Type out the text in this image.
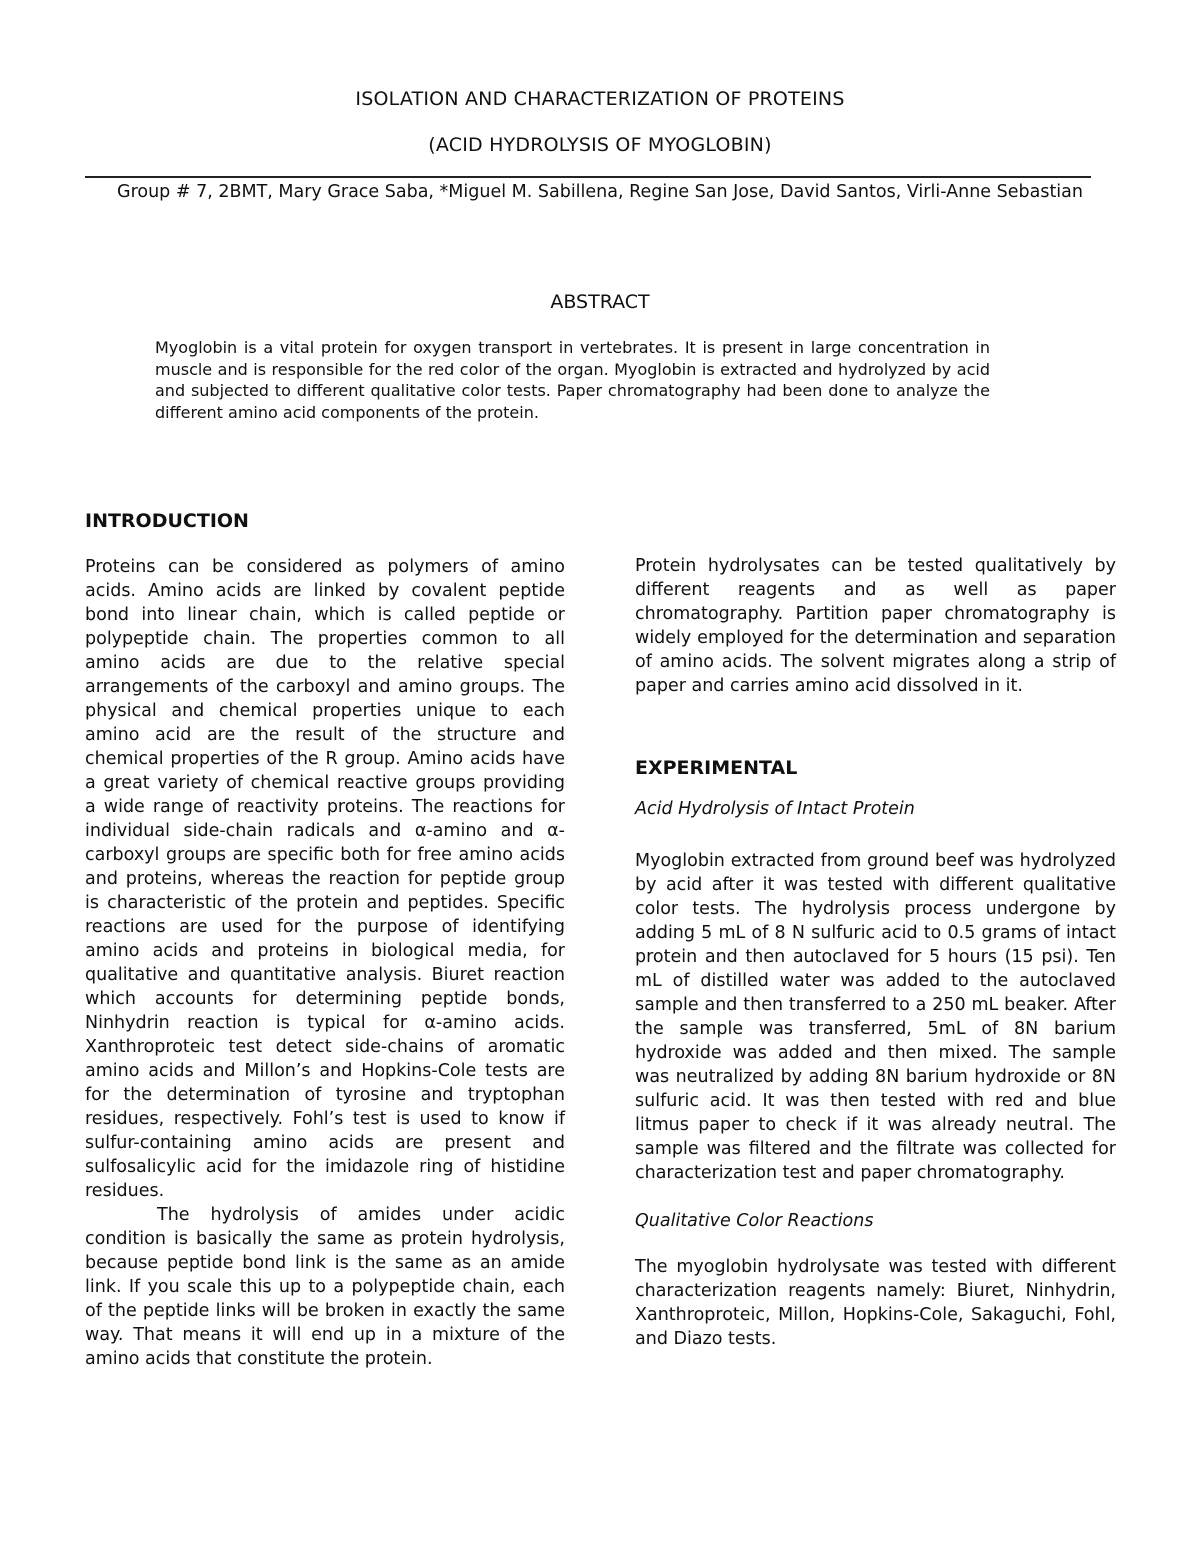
ISOLATION AND CHARACTERIZATION OF PROTEINS
(ACID HYDROLYSIS OF MYOGLOBIN)
Group # 7, 2BMT, Mary Grace Saba, *Miguel M. Sabillena, Regine San Jose, David Santos, Virli-Anne Sebastian
ABSTRACT
Myoglobin is a vital protein for oxygen transport in vertebrates. It is present in large concentration in muscle and is responsible for the red color of the organ. Myoglobin is extracted and hydrolyzed by acid and subjected to different qualitative color tests. Paper chromatography had been done to analyze the different amino acid components of the protein.
INTRODUCTION

Proteins can be considered as polymers of amino acids. Amino acids are linked by covalent peptide bond into linear chain, which is called peptide or polypeptide chain. The properties common to all amino acids are due to the relative special arrangements of the carboxyl and amino groups. The physical and chemical properties unique to each amino acid are the result of the structure and chemical properties of the R group. Amino acids have a great variety of chemical reactive groups providing a wide range of reactivity proteins. The reactions for individual side-chain radicals and α-amino and α-carboxyl groups are specific both for free amino acids and proteins, whereas the reaction for peptide group is characteristic of the protein and peptides. Specific reactions are used for the purpose of identifying amino acids and proteins in biological media, for qualitative and quantitative analysis. Biuret reaction which accounts for determining peptide bonds, Ninhydrin reaction is typical for α-amino acids. Xanthroproteic test detect side-chains of aromatic amino acids and Millon’s and Hopkins-Cole tests are for the determination of tyrosine and tryptophan residues, respectively. Fohl’s test is used to know if sulfur-containing amino acids are present and sulfosalicylic acid for the imidazole ring of histidine residues.

The hydrolysis of amides under acidic condition is basically the same as protein hydrolysis, because peptide bond link is the same as an amide link. If you scale this up to a polypeptide chain, each of the peptide links will be broken in exactly the same way. That means it will end up in a mixture of the amino acids that constitute the protein.

Protein hydrolysates can be tested qualitatively by different reagents and as well as paper chromatography. Partition paper chromatography is widely employed for the determination and separation of amino acids. The solvent migrates along a strip of paper and carries amino acid dissolved in it.

EXPERIMENTAL

Acid Hydrolysis of Intact Protein

Myoglobin extracted from ground beef was hydrolyzed by acid after it was tested with different qualitative color tests. The hydrolysis process undergone by adding 5 mL of 8 N sulfuric acid to 0.5 grams of intact protein and then autoclaved for 5 hours (15 psi). Ten mL of distilled water was added to the autoclaved sample and then transferred to a 250 mL beaker. After the sample was transferred, 5mL of 8N barium hydroxide was added and then mixed. The sample was neutralized by adding 8N barium hydroxide or 8N sulfuric acid. It was then tested with red and blue litmus paper to check if it was already neutral. The sample was filtered and the filtrate was collected for characterization test and paper chromatography.

Qualitative Color Reactions

The myoglobin hydrolysate was tested with different characterization reagents namely: Biuret, Ninhydrin, Xanthroproteic, Millon, Hopkins-Cole, Sakaguchi, Fohl, and Diazo tests.
